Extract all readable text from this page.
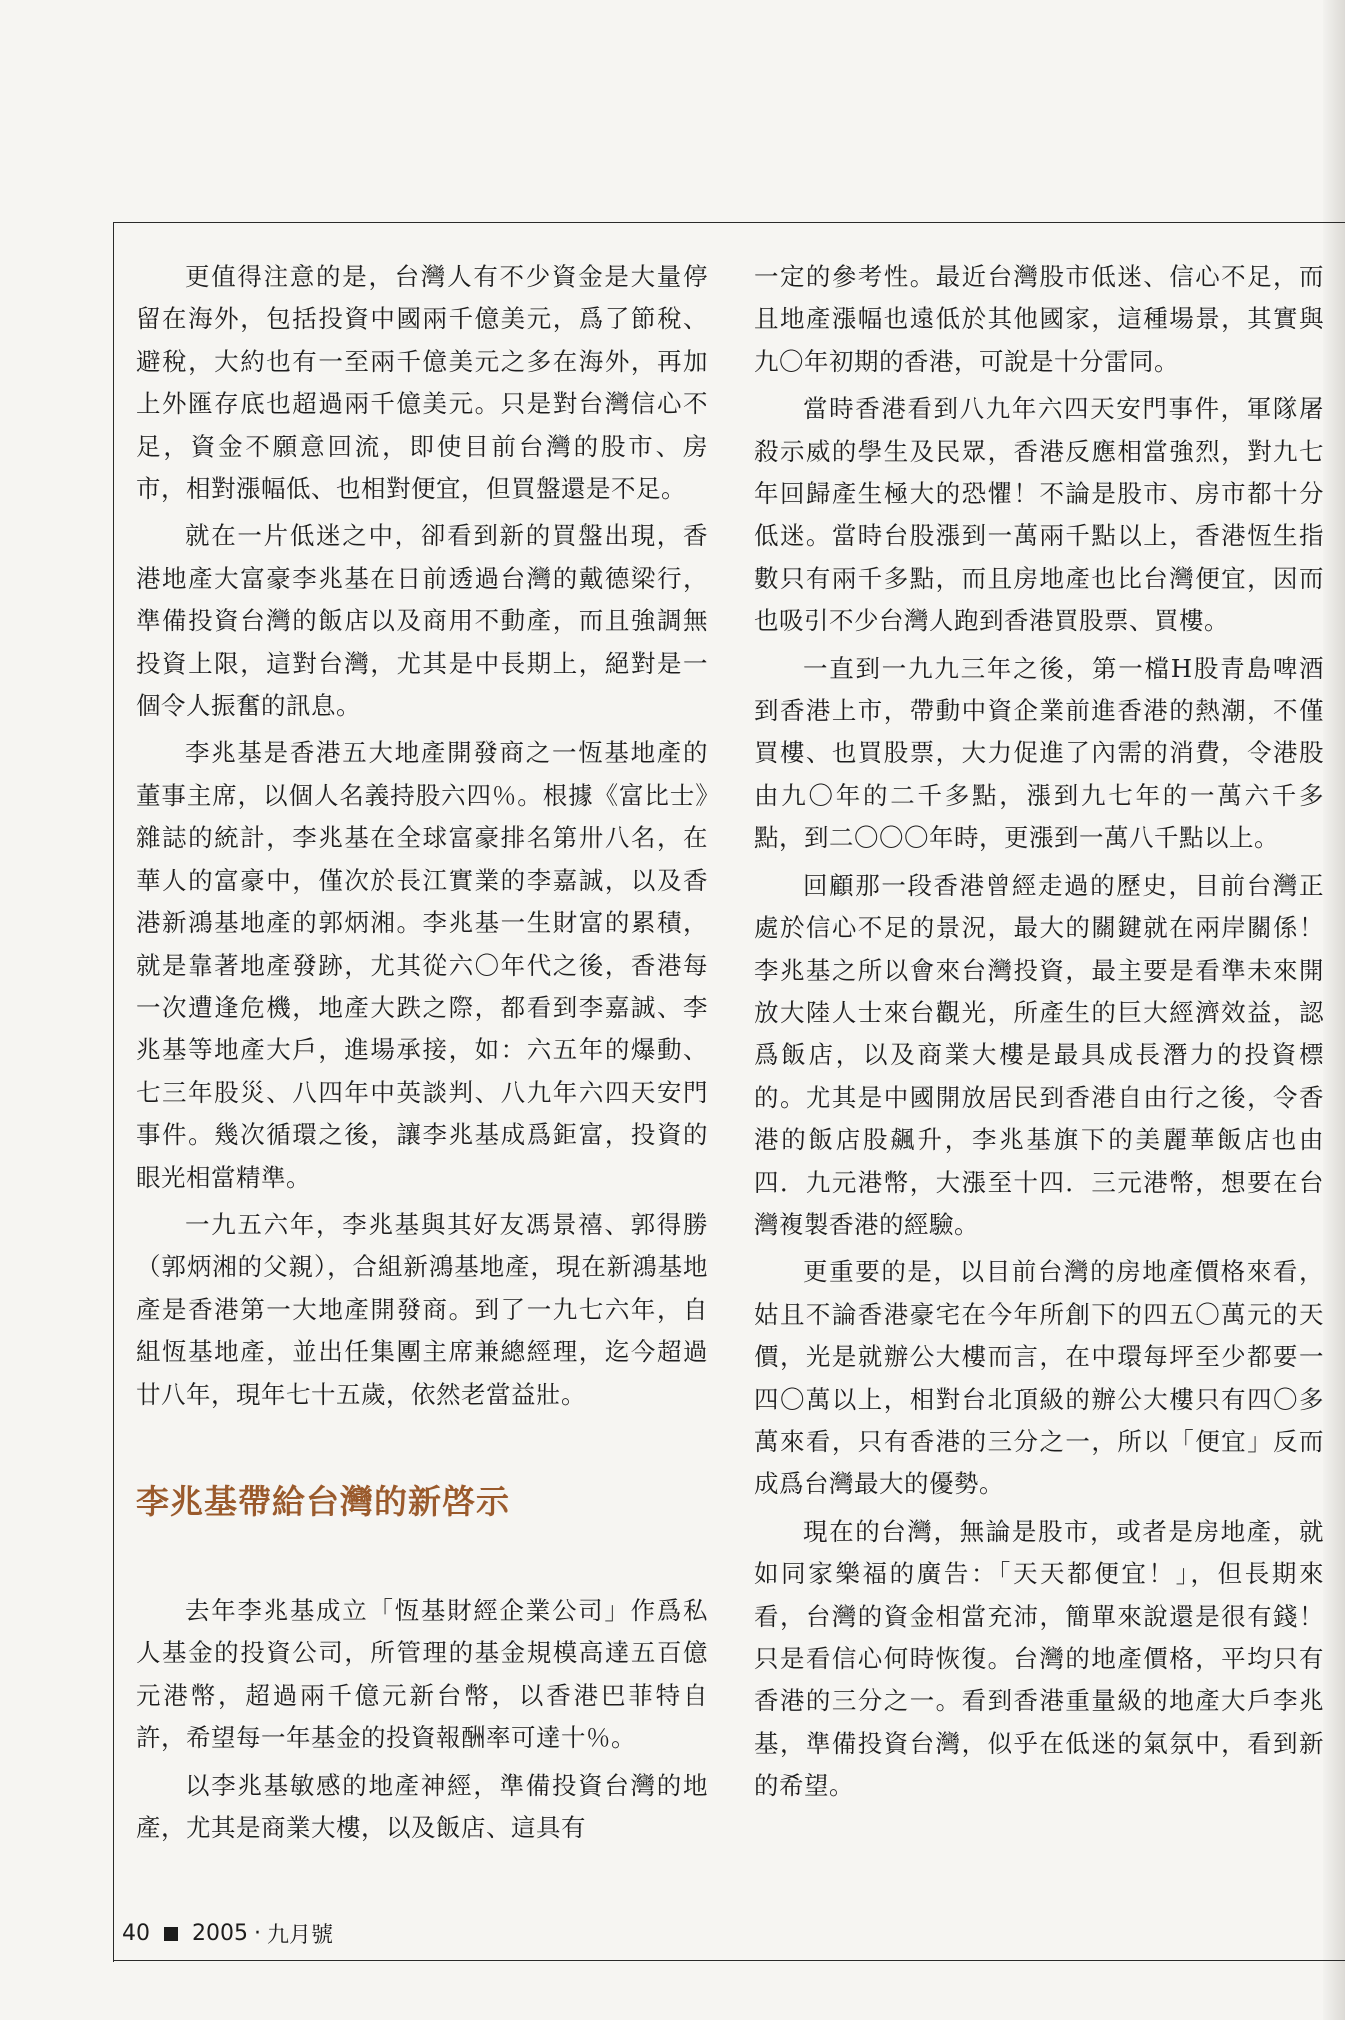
更值得注意的是，台灣人有不少資金是大量停留在海外，包括投資中國兩千億美元，爲了節稅、避稅，大約也有一至兩千億美元之多在海外，再加上外匯存底也超過兩千億美元。只是對台灣信心不足，資金不願意回流，即使目前台灣的股市、房市，相對漲幅低、也相對便宜，但買盤還是不足。

就在一片低迷之中，卻看到新的買盤出現，香港地產大富豪李兆基在日前透過台灣的戴德梁行，準備投資台灣的飯店以及商用不動產，而且強調無投資上限，這對台灣，尤其是中長期上，絕對是一個令人振奮的訊息。

李兆基是香港五大地產開發商之一恆基地產的董事主席，以個人名義持股六四％。根據《富比士》雜誌的統計，李兆基在全球富豪排名第卅八名，在華人的富豪中，僅次於長江實業的李嘉誠，以及香港新鴻基地產的郭炳湘。李兆基一生財富的累積，就是靠著地產發跡，尤其從六〇年代之後，香港每一次遭逢危機，地產大跌之際，都看到李嘉誠、李兆基等地產大戶，進場承接，如：六五年的爆動、七三年股災、八四年中英談判、八九年六四天安門事件。幾次循環之後，讓李兆基成爲鉅富，投資的眼光相當精準。

一九五六年，李兆基與其好友馮景禧、郭得勝（郭炳湘的父親），合組新鴻基地產，現在新鴻基地產是香港第一大地產開發商。到了一九七六年，自組恆基地產，並出任集團主席兼總經理，迄今超過廿八年，現年七十五歲，依然老當益壯。

李兆基帶給台灣的新啓示

去年李兆基成立「恆基財經企業公司」作爲私人基金的投資公司，所管理的基金規模高達五百億元港幣，超過兩千億元新台幣，以香港巴菲特自許，希望每一年基金的投資報酬率可達十％。

以李兆基敏感的地產神經，準備投資台灣的地產，尤其是商業大樓，以及飯店、這具有

一定的參考性。最近台灣股市低迷、信心不足，而且地產漲幅也遠低於其他國家，這種場景，其實與九〇年初期的香港，可說是十分雷同。

當時香港看到八九年六四天安門事件，軍隊屠殺示威的學生及民眾，香港反應相當強烈，對九七年回歸產生極大的恐懼！不論是股市、房市都十分低迷。當時台股漲到一萬兩千點以上，香港恆生指數只有兩千多點，而且房地產也比台灣便宜，因而也吸引不少台灣人跑到香港買股票、買樓。

一直到一九九三年之後，第一檔H股青島啤酒到香港上市，帶動中資企業前進香港的熱潮，不僅買樓、也買股票，大力促進了內需的消費，令港股由九〇年的二千多點，漲到九七年的一萬六千多點，到二〇〇〇年時，更漲到一萬八千點以上。

回顧那一段香港曾經走過的歷史，目前台灣正處於信心不足的景況，最大的關鍵就在兩岸關係！李兆基之所以會來台灣投資，最主要是看準未來開放大陸人士來台觀光，所產生的巨大經濟效益，認爲飯店，以及商業大樓是最具成長潛力的投資標的。尤其是中國開放居民到香港自由行之後，令香港的飯店股飆升，李兆基旗下的美麗華飯店也由四．九元港幣，大漲至十四．三元港幣，想要在台灣複製香港的經驗。

更重要的是，以目前台灣的房地產價格來看，姑且不論香港豪宅在今年所創下的四五〇萬元的天價，光是就辦公大樓而言，在中環每坪至少都要一四〇萬以上，相對台北頂級的辦公大樓只有四〇多萬來看，只有香港的三分之一，所以「便宜」反而成爲台灣最大的優勢。

現在的台灣，無論是股市，或者是房地產，就如同家樂福的廣告：「天天都便宜！」，但長期來看，台灣的資金相當充沛，簡單來說還是很有錢！只是看信心何時恢復。台灣的地產價格，平均只有香港的三分之一。看到香港重量級的地產大戶李兆基，準備投資台灣，似乎在低迷的氣氛中，看到新的希望。

40 2005 · 九月號
